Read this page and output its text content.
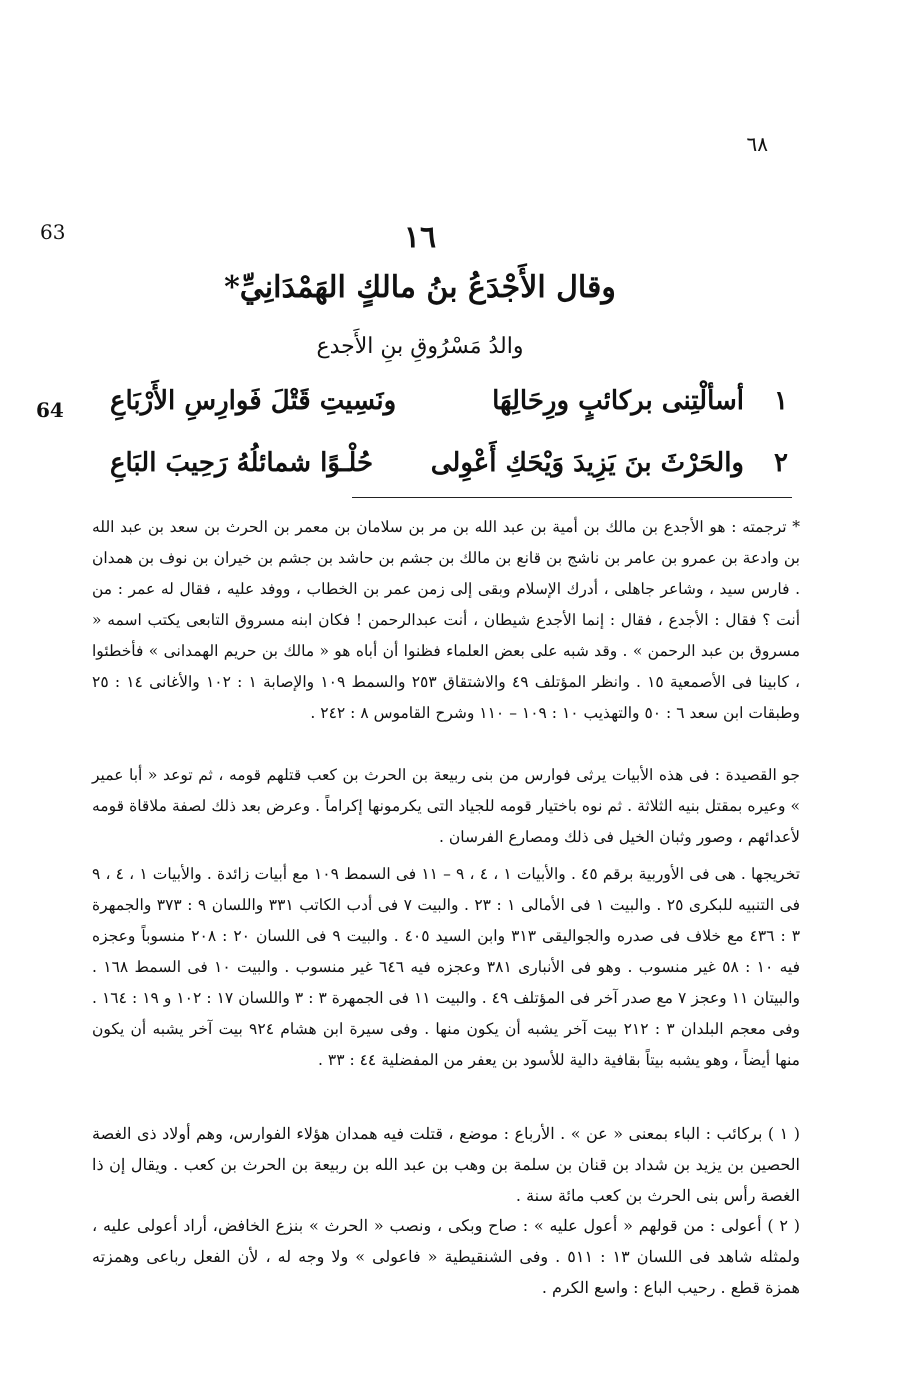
٦٨
63
64
١٦
وقال الأَجْدَعُ بنُ مالكٍ الهَمْدَانِيِّ*
والدُ مَسْرُوقِ بنِ الأَجدع
١
أسألْتِنى بركائبٍ ورِحَالِهَا
ونَسِيتِ قَتْلَ فَوارِسِ الأَرْبَاعِ
٢
والحَرْثَ بنَ يَزِيدَ وَيْحَكِ أَعْوِلى
حُلْـوًا شمائلُهُ رَحِيبَ البَاعِ
* ترجمته : هو الأجدع بن مالك بن أمية بن عبد الله بن مر بن سلامان بن معمر بن الحرث بن سعد بن عبد الله بن وادعة بن عمرو بن عامر بن ناشج بن قانع بن مالك بن جشم بن حاشد بن جشم بن خيران بن نوف بن همدان . فارس سيد ، وشاعر جاهلى ، أدرك الإسلام وبقى إلى زمن عمر بن الخطاب ، ووفد عليه ، فقال له عمر : من أنت ؟ فقال : الأجدع ، فقال : إنما الأجدع شيطان ، أنت عبدالرحمن ! فكان ابنه مسروق التابعى يكتب اسمه « مسروق بن عبد الرحمن » . وقد شبه على بعض العلماء فظنوا أن أباه هو « مالك بن حريم الهمدانى » فأخطئوا ، كابينا فى الأصمعية ١٥ . وانظر المؤتلف ٤٩ والاشتقاق ٢٥٣ والسمط ١٠٩ والإصابة ١ : ١٠٢ والأغانى ١٤ : ٢٥ وطبقات ابن سعد ٦ : ٥٠ والتهذيب ١٠ : ١٠٩ – ١١٠ وشرح القاموس ٨ : ٢٤٢ .
جو القصيدة : فى هذه الأبيات يرثى فوارس من بنى ربيعة بن الحرث بن كعب قتلهم قومه ، ثم توعد « أبا عمير » وعيره بمقتل بنيه الثلاثة . ثم نوه باختيار قومه للجياد التى يكرمونها إكراماً . وعرض بعد ذلك لصفة ملاقاة قومه لأعدائهم ، وصور وثبان الخيل فى ذلك ومصارع الفرسان .
تخريجها . هى فى الأوربية برقم ٤٥ . والأبيات ١ ، ٤ ، ٩ – ١١ فى السمط ١٠٩ مع أبيات زائدة . والأبيات ١ ، ٤ ، ٩ فى التنبيه للبكرى ٢٥ . والبيت ١ فى الأمالى ١ : ٢٣ . والبيت ٧ فى أدب الكاتب ٣٣١ واللسان ٩ : ٣٧٣ والجمهرة ٣ : ٤٣٦ مع خلاف فى صدره والجواليقى ٣١٣ وابن السيد ٤٠٥ . والبيت ٩ فى اللسان ٢٠ : ٢٠٨ منسوباً وعجزه فيه ١٠ : ٥٨ غير منسوب . وهو فى الأنبارى ٣٨١ وعجزه فيه ٦٤٦ غير منسوب . والبيت ١٠ فى السمط ١٦٨ . والبيتان ١١ وعجز ٧ مع صدر آخر فى المؤتلف ٤٩ . والبيت ١١ فى الجمهرة ٣ : ٣ واللسان ١٧ : ١٠٢ و ١٩ : ١٦٤ . وفى معجم البلدان ٣ : ٢١٢ بيت آخر يشبه أن يكون منها . وفى سيرة ابن هشام ٩٢٤ بيت آخر يشبه أن يكون منها أيضاً ، وهو يشبه بيتاً بقافية دالية للأسود بن يعفر من المفضلية ٤٤ : ٣٣ .
( ١ ) بركائب : الباء بمعنى « عن » . الأرباع : موضع ، قتلت فيه همدان هؤلاء الفوارس، وهم أولاد ذى الغصة الحصين بن يزيد بن شداد بن قنان بن سلمة بن وهب بن عبد الله بن ربيعة بن الحرث بن كعب . ويقال إن ذا الغصة رأس بنى الحرث بن كعب مائة سنة .
( ٢ ) أعولى : من قولهم « أعول عليه » : صاح وبكى ، ونصب « الحرث » بنزع الخافض، أراد أعولى عليه ، ولمثله شاهد فى اللسان ١٣ : ٥١١ . وفى الشنقيطية « فاعولى » ولا وجه له ، لأن الفعل رباعى وهمزته همزة قطع . رحيب الباع : واسع الكرم .
